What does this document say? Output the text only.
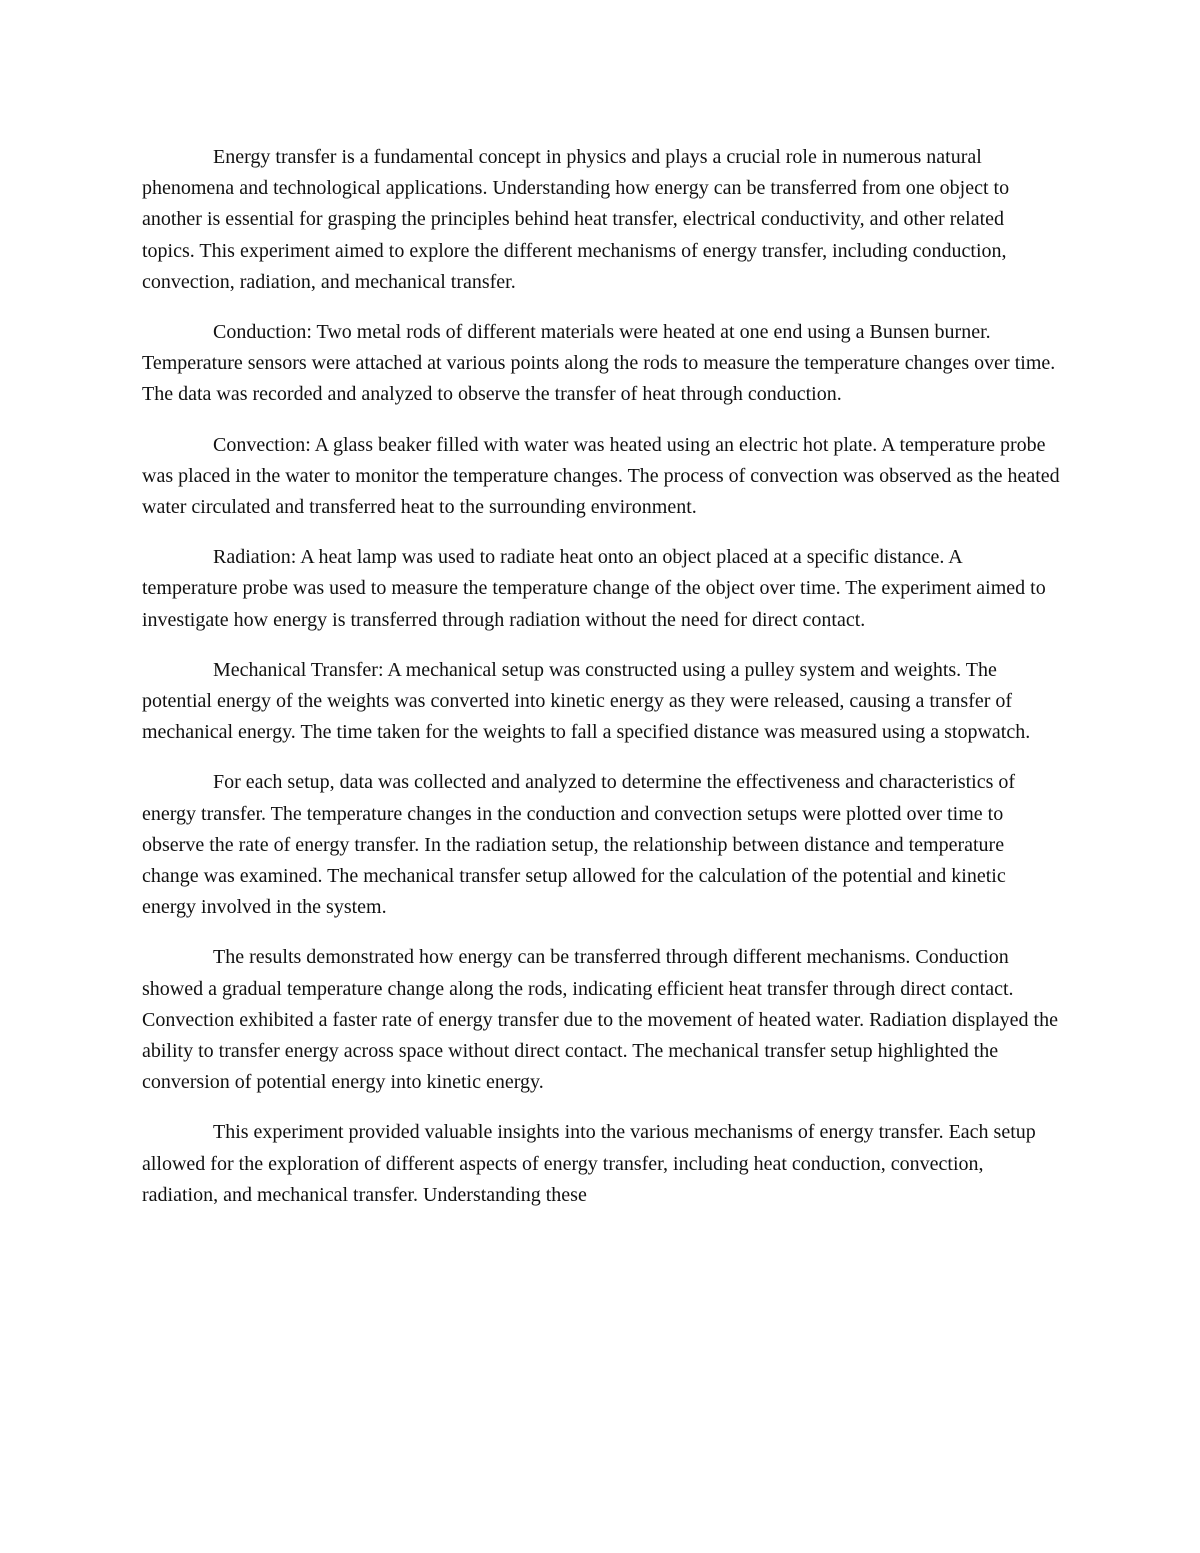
Energy transfer is a fundamental concept in physics and plays a crucial role in numerous natural phenomena and technological applications. Understanding how energy can be transferred from one object to another is essential for grasping the principles behind heat transfer, electrical conductivity, and other related topics. This experiment aimed to explore the different mechanisms of energy transfer, including conduction, convection, radiation, and mechanical transfer.

Conduction: Two metal rods of different materials were heated at one end using a Bunsen burner. Temperature sensors were attached at various points along the rods to measure the temperature changes over time. The data was recorded and analyzed to observe the transfer of heat through conduction.

Convection: A glass beaker filled with water was heated using an electric hot plate. A temperature probe was placed in the water to monitor the temperature changes. The process of convection was observed as the heated water circulated and transferred heat to the surrounding environment.

Radiation: A heat lamp was used to radiate heat onto an object placed at a specific distance. A temperature probe was used to measure the temperature change of the object over time. The experiment aimed to investigate how energy is transferred through radiation without the need for direct contact.

Mechanical Transfer: A mechanical setup was constructed using a pulley system and weights. The potential energy of the weights was converted into kinetic energy as they were released, causing a transfer of mechanical energy. The time taken for the weights to fall a specified distance was measured using a stopwatch.

For each setup, data was collected and analyzed to determine the effectiveness and characteristics of energy transfer. The temperature changes in the conduction and convection setups were plotted over time to observe the rate of energy transfer. In the radiation setup, the relationship between distance and temperature change was examined. The mechanical transfer setup allowed for the calculation of the potential and kinetic energy involved in the system.

The results demonstrated how energy can be transferred through different mechanisms. Conduction showed a gradual temperature change along the rods, indicating efficient heat transfer through direct contact. Convection exhibited a faster rate of energy transfer due to the movement of heated water. Radiation displayed the ability to transfer energy across space without direct contact. The mechanical transfer setup highlighted the conversion of potential energy into kinetic energy.

This experiment provided valuable insights into the various mechanisms of energy transfer. Each setup allowed for the exploration of different aspects of energy transfer, including heat conduction, convection, radiation, and mechanical transfer. Understanding these
